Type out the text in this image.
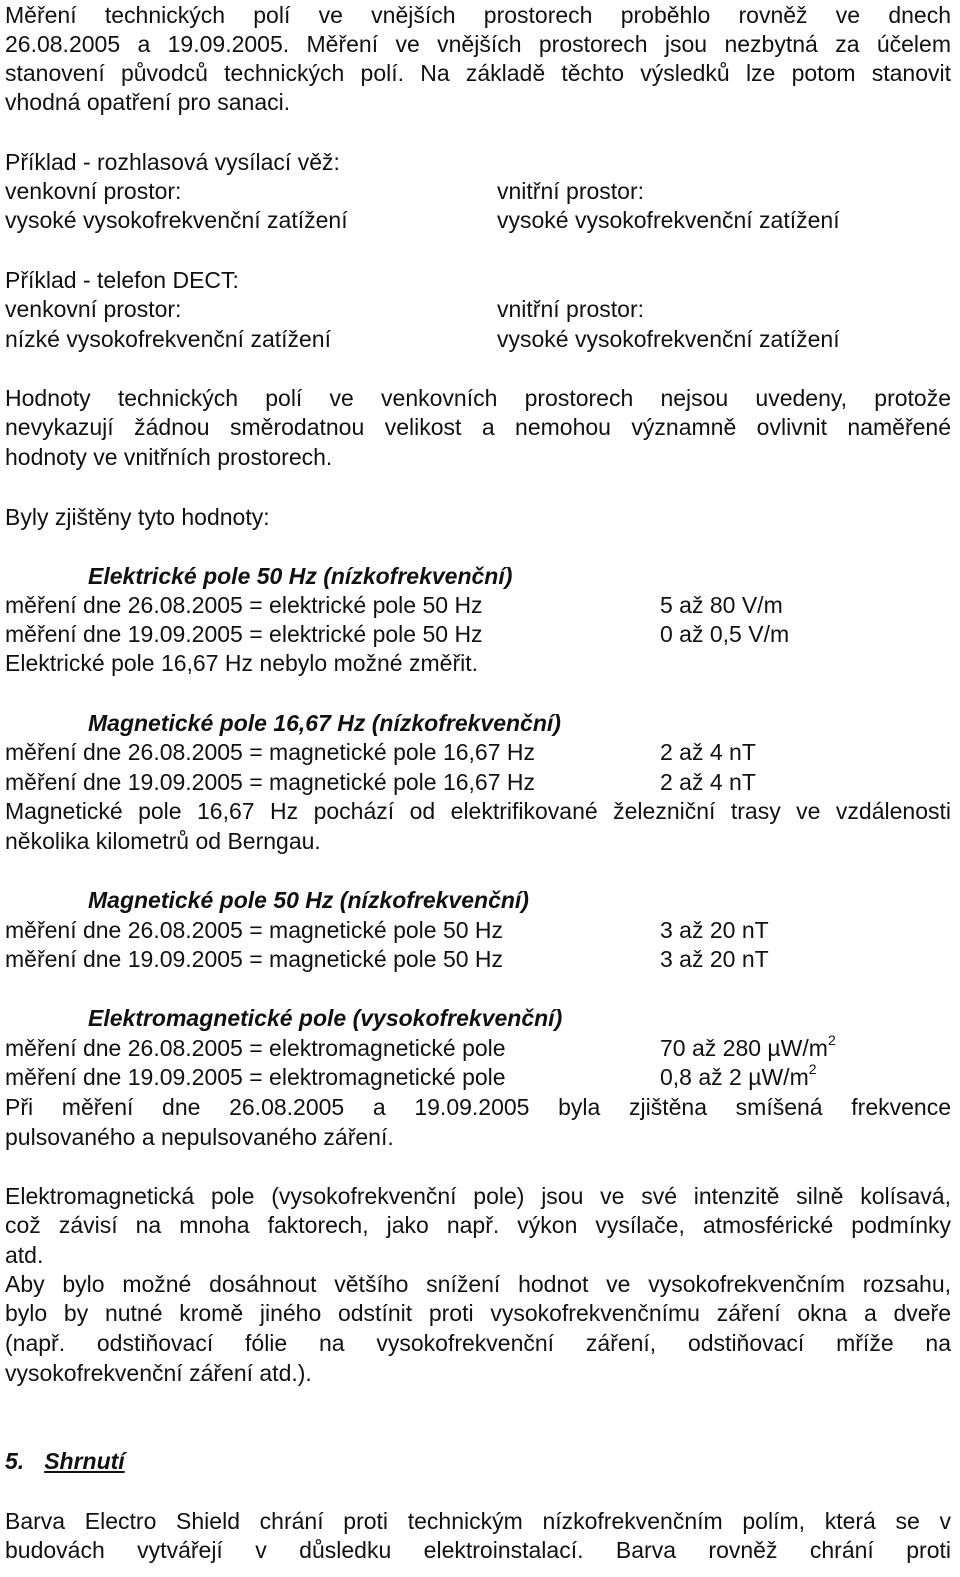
Měření technických polí ve vnějších prostorech proběhlo rovněž ve dnech
26.08.2005 a 19.09.2005. Měření ve vnějších prostorech jsou nezbytná za účelem
stanovení původců technických polí. Na základě těchto výsledků lze potom stanovit
vhodná opatření pro sanaci.
Příklad - rozhlasová vysílací věž:
venkovní prostor:	vnitřní prostor:
vysoké vysokofrekvenční zatížení	vysoké vysokofrekvenční zatížení
Příklad - telefon DECT:
venkovní prostor:	vnitřní prostor:
nízké vysokofrekvenční zatížení	vysoké vysokofrekvenční zatížení
Hodnoty technických polí ve venkovních prostorech nejsou uvedeny, protože
nevykazují žádnou směrodatnou velikost a nemohou významně ovlivnit naměřené
hodnoty ve vnitřních prostorech.
Byly zjištěny tyto hodnoty:
Elektrické pole 50 Hz (nízkofrekvenční)
měření dne 26.08.2005 = elektrické pole 50 Hz	5 až 80 V/m
měření dne 19.09.2005 = elektrické pole 50 Hz	0 až 0,5 V/m
Elektrické pole 16,67 Hz nebylo možné změřit.
Magnetické pole 16,67 Hz (nízkofrekvenční)
měření dne 26.08.2005 = magnetické pole 16,67 Hz	2 až 4 nT
měření dne 19.09.2005 = magnetické pole 16,67 Hz	2 až 4 nT
Magnetické pole 16,67 Hz pochází od elektrifikované železniční trasy ve vzdálenosti
několika kilometrů od Berngau.
Magnetické pole 50 Hz (nízkofrekvenční)
měření dne 26.08.2005 = magnetické pole 50 Hz	3 až 20 nT
měření dne 19.09.2005 = magnetické pole 50 Hz	3 až 20 nT
Elektromagnetické pole (vysokofrekvenční)
měření dne 26.08.2005 = elektromagnetické pole	70 až 280 $\mu W/m^2$
měření dne 19.09.2005 = elektromagnetické pole	0,8 až 2 $\mu W/m^2$
Při měření dne 26.08.2005 a 19.09.2005 byla zjištěna smíšená frekvence
pulsovaného a nepulsovaného záření.
Elektromagnetická pole (vysokofrekvenční pole) jsou ve své intenzitě silně kolísavá,
což závisí na mnoha faktorech, jako např. výkon vysílače, atmosférické podmínky
atd.
Aby bylo možné dosáhnout většího snížení hodnot ve vysokofrekvenčním rozsahu,
bylo by nutné kromě jiného odstínit proti vysokofrekvenčnímu záření okna a dveře
(např. odstiňovací fólie na vysokofrekvenční záření, odstiňovací mříže na
vysokofrekvenční záření atd.).
5. Shrnutí
Barva Electro Shield chrání proti technickým nízkofrekvenčním polím, která se v
budovách vytvářejí v důsledku elektroinstalací. Barva rovněž chrání proti
